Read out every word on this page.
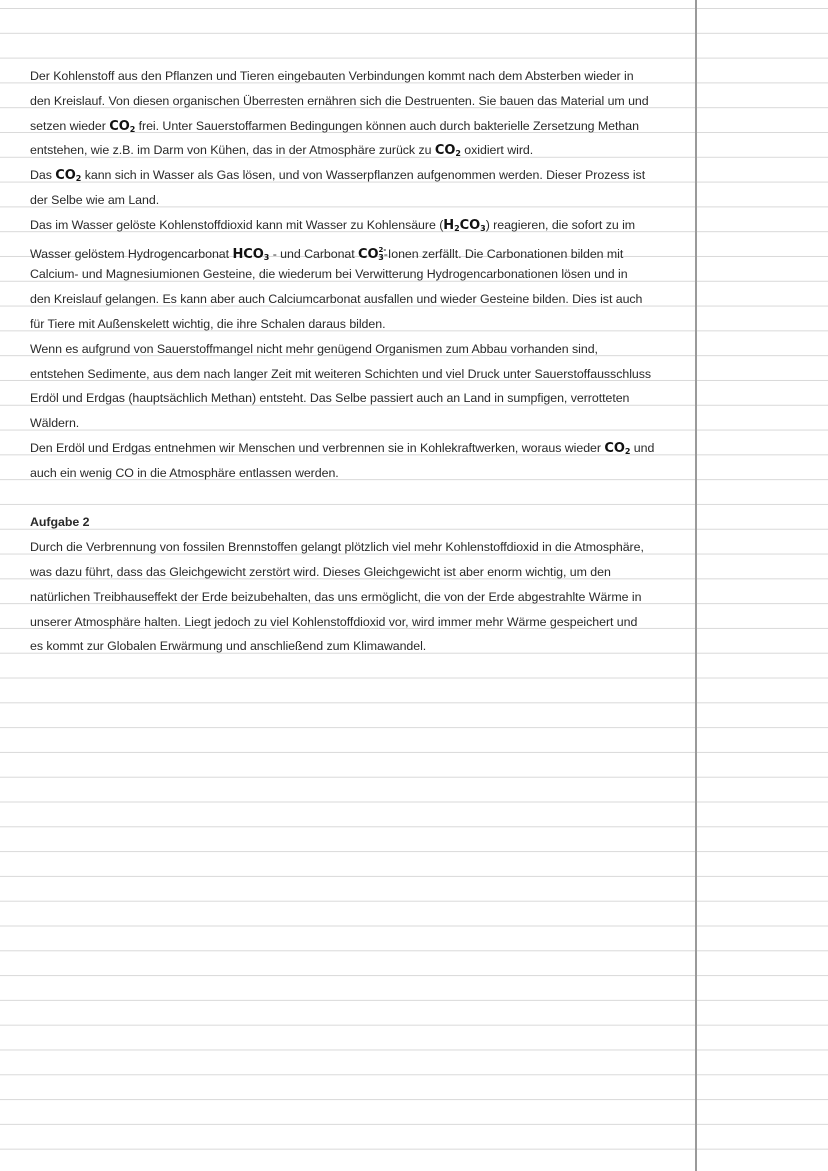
Der Kohlenstoff aus den Pflanzen und Tieren eingebauten Verbindungen kommt nach dem Absterben wieder in
den Kreislauf. Von diesen organischen Überresten ernähren sich die Destruenten. Sie bauen das Material um und
setzen wieder $CO_2$ frei. Unter Sauerstoffarmen Bedingungen können auch durch bakterielle Zersetzung Methan
entstehen, wie z.B. im Darm von Kühen, das in der Atmosphäre zurück zu $CO_2$ oxidiert wird.
Das $CO_2$ kann sich in Wasser als Gas lösen, und von Wasserpflanzen aufgenommen werden. Dieser Prozess ist
der Selbe wie am Land.
Das im Wasser gelöste Kohlenstoffdioxid kann mit Wasser zu Kohlensäure $(H_2CO_3)$ reagieren, die sofort zu im
Wasser gelöstem Hydrogencarbonat $HCO_3$ - und Carbonat $CO^{2-}_3$-Ionen zerfällt. Die Carbonationen bilden mit
Calcium- und Magnesiumionen Gesteine, die wiederum bei Verwitterung Hydrogencarbonationen lösen und in
den Kreislauf gelangen. Es kann aber auch Calciumcarbonat ausfallen und wieder Gesteine bilden. Dies ist auch
für Tiere mit Außenskelett wichtig, die ihre Schalen daraus bilden.
Wenn es aufgrund von Sauerstoffmangel nicht mehr genügend Organismen zum Abbau vorhanden sind,
entstehen Sedimente, aus dem nach langer Zeit mit weiteren Schichten und viel Druck unter Sauerstoffausschluss
Erdöl und Erdgas (hauptsächlich Methan) entsteht. Das Selbe passiert auch an Land in sumpfigen, verrotteten
Wäldern.
Den Erdöl und Erdgas entnehmen wir Menschen und verbrennen sie in Kohlekraftwerken, woraus wieder $CO_2$ und
auch ein wenig CO in die Atmosphäre entlassen werden.
Aufgabe 2
Durch die Verbrennung von fossilen Brennstoffen gelangt plötzlich viel mehr Kohlenstoffdioxid in die Atmosphäre,
was dazu führt, dass das Gleichgewicht zerstört wird. Dieses Gleichgewicht ist aber enorm wichtig, um den
natürlichen Treibhauseffekt der Erde beizubehalten, das uns ermöglicht, die von der Erde abgestrahlte Wärme in
unserer Atmosphäre halten. Liegt jedoch zu viel Kohlenstoffdioxid vor, wird immer mehr Wärme gespeichert und
es kommt zur Globalen Erwärmung und anschließend zum Klimawandel.
